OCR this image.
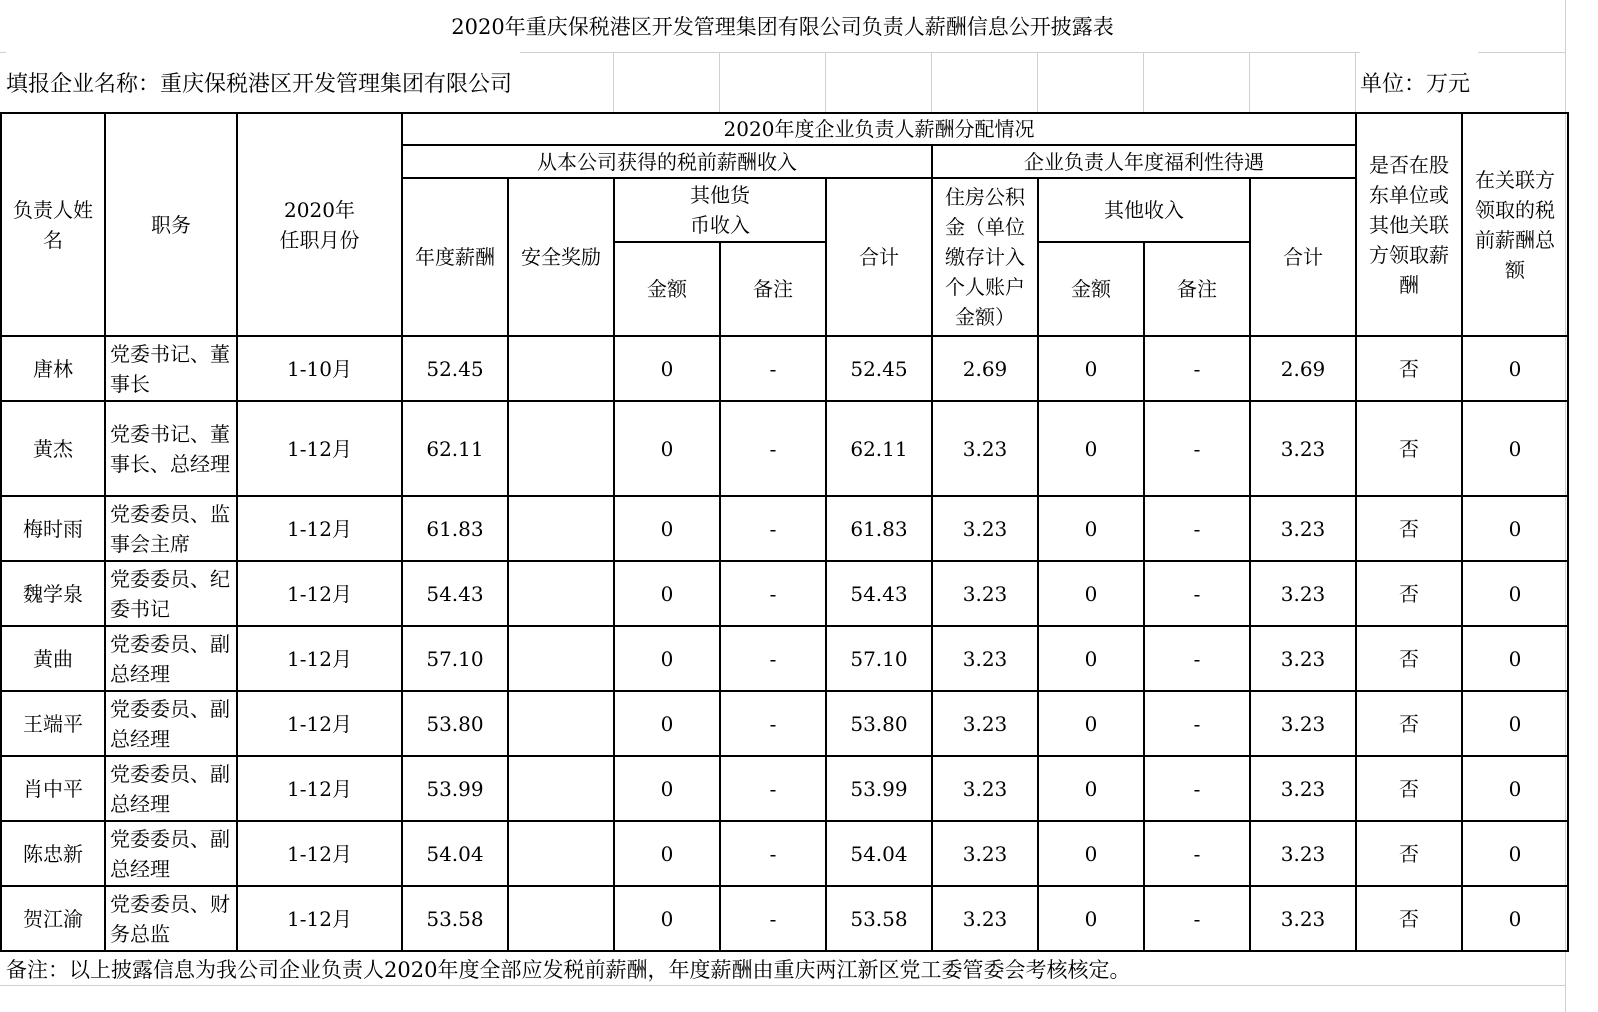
2020年重庆保税港区开发管理集团有限公司负责人薪酬信息公开披露表
填报企业名称：重庆保税港区开发管理集团有限公司	单位：万元
负责人姓名	职务	2020年任职月份	2020年度企业负责人薪酬分配情况									是否在股东单位或其他关联方领取薪酬	在关联方领取的税前薪酬总额
			从本公司获得的税前薪酬收入					企业负责人年度福利性待遇					
			年度薪酬	安全奖励	其他货币收入		合计	住房公积金（单位缴存计入个人账户金额）	其他收入		合计		
					金额	备注			金额	备注			
唐林	党委书记、董事长	1-10月	52.45		0	-	52.45	2.69	0	-	2.69	否	0
黄杰	党委书记、董事长、总经理	1-12月	62.11		0	-	62.11	3.23	0	-	3.23	否	0
梅时雨	党委委员、监事会主席	1-12月	61.83		0	-	61.83	3.23	0	-	3.23	否	0
魏学泉	党委委员、纪委书记	1-12月	54.43		0	-	54.43	3.23	0	-	3.23	否	0
黄曲	党委委员、副总经理	1-12月	57.10		0	-	57.10	3.23	0	-	3.23	否	0
王端平	党委委员、副总经理	1-12月	53.80		0	-	53.80	3.23	0	-	3.23	否	0
肖中平	党委委员、副总经理	1-12月	53.99		0	-	53.99	3.23	0	-	3.23	否	0
陈忠新	党委委员、副总经理	1-12月	54.04		0	-	54.04	3.23	0	-	3.23	否	0
贺江渝	党委委员、财务总监	1-12月	53.58		0	-	53.58	3.23	0	-	3.23	否	0
备注：以上披露信息为我公司企业负责人2020年度全部应发税前薪酬，年度薪酬由重庆两江新区党工委管委会考核核定。
